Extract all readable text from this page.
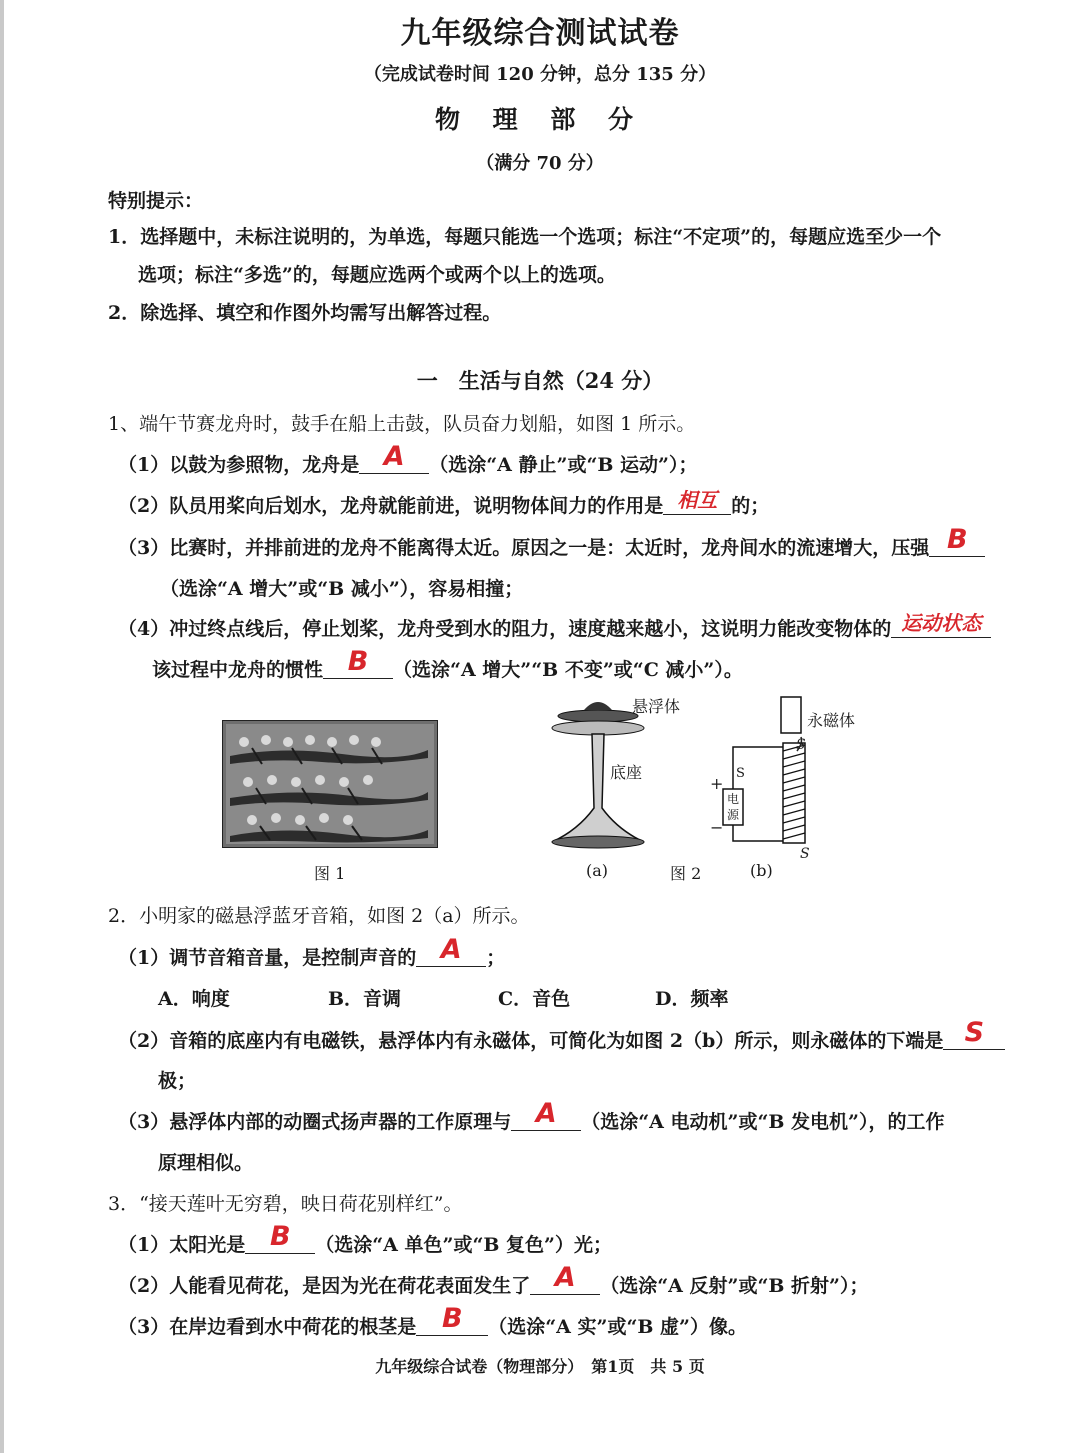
九年级综合测试试卷
（完成试卷时间 120 分钟，总分 135 分）
物 理 部 分
（满分 70 分）
特别提示：
1．选择题中，未标注说明的，为单选，每题只能选一个选项；标注“不定项”的，每题应选至少一个
选项；标注“多选”的，每题应选两个或两个以上的选项。
2．除选择、填空和作图外均需写出解答过程。
一　生活与自然（24 分）
1、端午节赛龙舟时，鼓手在船上击鼓，队员奋力划船，如图 1 所示。
（1）以鼓为参照物，龙舟是 A	（选涂“A 静止”或“B 运动”）；
（2）队员用桨向后划水，龙舟就能前进，说明物体间力的作用是 相互 的；
（3）比赛时，并排前进的龙舟不能离得太近。原因之一是：太近时，龙舟间水的流速增大，压强 B
（选涂“A 增大”或“B 减小”），容易相撞；
（4）冲过终点线后，停止划桨，龙舟受到水的阻力，速度越来越小，这说明力能改变物体的 运动状态
该过程中龙舟的惯性 B	（选涂“A 增大”“B 不变”或“C 减小”）。
图 1
悬浮体
底座
(a)	图 2
永磁体
电
源
S
+
−
S
S
(b)
2．小明家的磁悬浮蓝牙音箱，如图 2（a）所示。
（1）调节音箱音量，是控制声音的 A	；
A．响度	B．音调	C．音色	D．频率
（2）音箱的底座内有电磁铁，悬浮体内有永磁体，可简化为如图 2（b）所示，则永磁体的下端是 S
极；
（3）悬浮体内部的动圈式扬声器的工作原理与 A	（选涂“A 电动机”或“B 发电机”），的工作
原理相似。
3．“接天莲叶无穷碧，映日荷花别样红”。
（1）太阳光是 B	（选涂“A 单色”或“B 复色”）光；
（2）人能看见荷花，是因为光在荷花表面发生了 A	（选涂“A 反射”或“B 折射”）；
（3）在岸边看到水中荷花的根茎是 B	（选涂“A 实”或“B 虚”）像。
九年级综合试卷（物理部分）　第1页　共 5 页
